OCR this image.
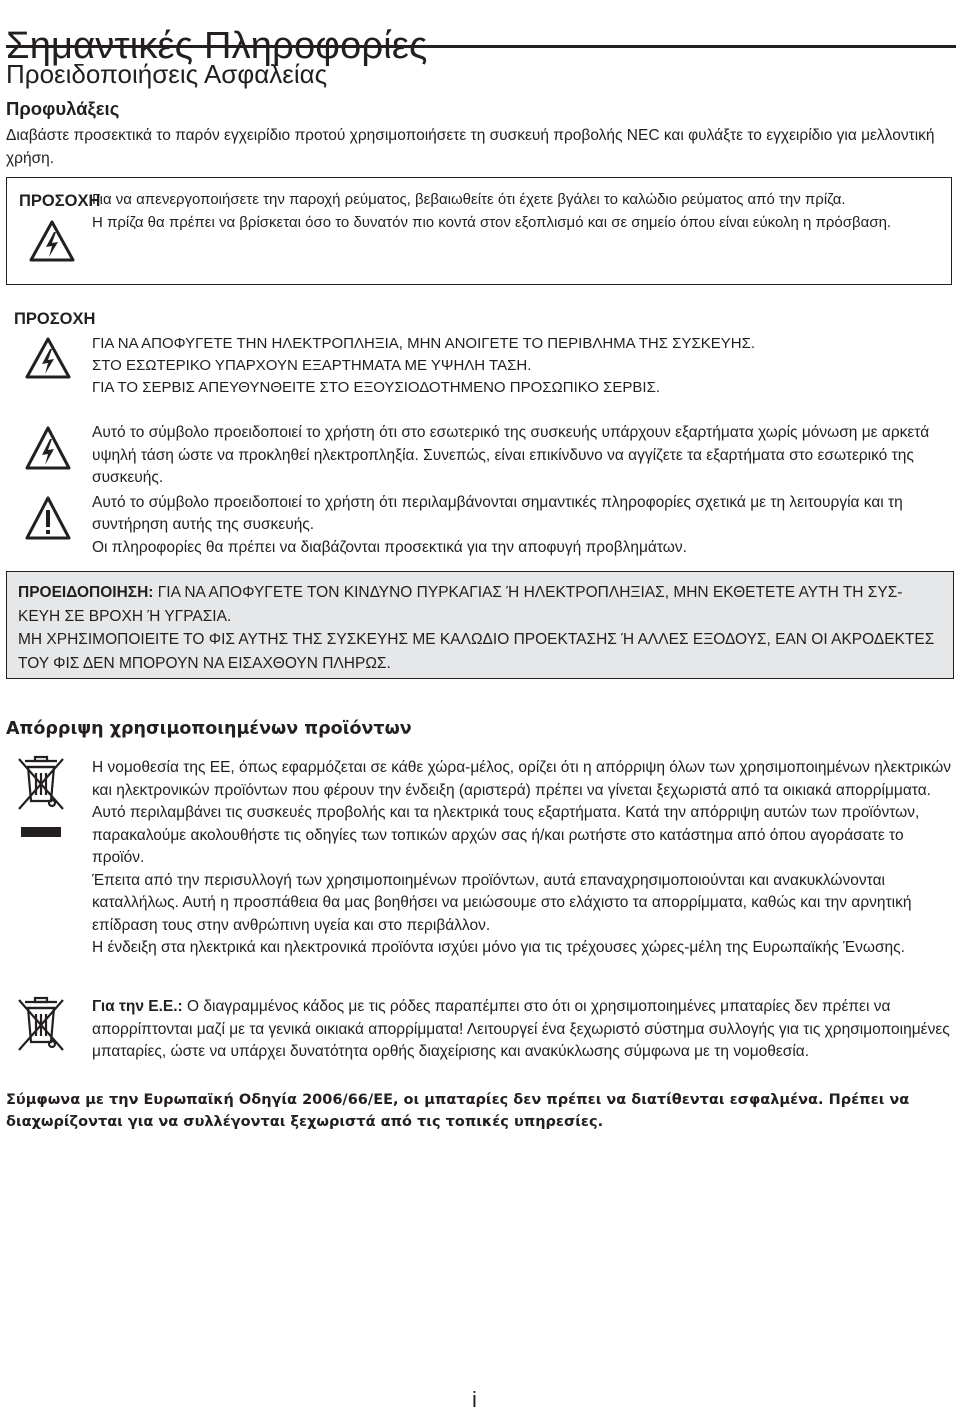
Σημαντικές Πληροφορίες
Προειδοποιήσεις Ασφαλείας
Προφυλάξεις
Διαβάστε προσεκτικά το παρόν εγχειρίδιο προτού χρησιμοποιήσετε τη συσκευή προβολής NEC και φυλάξτε το εγχειρίδιο για μελλοντική χρήση.
ΠΡΟΣΟΧΗ
Για να απενεργοποιήσετε την παροχή ρεύματος, βεβαιωθείτε ότι έχετε βγάλει το καλώδιο ρεύματος από την πρίζα.
Η πρίζα θα πρέπει να βρίσκεται όσο το δυνατόν πιο κοντά στον εξοπλισμό και σε σημείο όπου είναι εύκολη η πρόσβαση.
ΠΡΟΣΟΧΗ
ΓΙΑ ΝΑ ΑΠΟΦΥΓΕΤΕ ΤΗΝ ΗΛΕΚΤΡΟΠΛΗΞΙΑ, ΜΗΝ ΑΝΟΙΓΕΤΕ ΤΟ ΠΕΡΙΒΛΗΜΑ ΤΗΣ ΣΥΣΚΕΥΗΣ.
ΣΤΟ ΕΣΩΤΕΡΙΚΟ ΥΠΑΡΧΟΥΝ ΕΞΑΡΤΗΜΑΤΑ ΜΕ ΥΨΗΛΗ ΤΑΣΗ.
ΓΙΑ ΤΟ ΣΕΡΒΙΣ ΑΠΕΥΘΥΝΘΕΙΤΕ ΣΤΟ ΕΞΟΥΣΙΟΔΟΤΗΜΕΝΟ ΠΡΟΣΩΠΙΚΟ ΣΕΡΒΙΣ.
Αυτό το σύμβολο προειδοποιεί το χρήστη ότι στο εσωτερικό της συσκευής υπάρχουν εξαρτήματα χωρίς μόνωση με αρκετά υψηλή τάση ώστε να προκληθεί ηλεκτροπληξία. Συνεπώς, είναι επικίνδυνο να αγγίζετε τα εξαρτήματα στο εσωτερικό της συσκευής.
Αυτό το σύμβολο προειδοποιεί το χρήστη ότι περιλαμβάνονται σημαντικές πληροφορίες σχετικά με τη λειτουργία και τη συντήρηση αυτής της συσκευής.
Οι πληροφορίες θα πρέπει να διαβάζονται προσεκτικά για την αποφυγή προβλημάτων.
ΠΡΟΕΙΔΟΠΟΙΗΣΗ: ΓΙΑ ΝΑ ΑΠΟΦΥΓΕΤΕ ΤΟΝ ΚΙΝΔΥΝΟ ΠΥΡΚΑΓΙΑΣ Ή ΗΛΕΚΤΡΟΠΛΗΞΙΑΣ, ΜΗΝ ΕΚΘΕΤΕΤΕ ΑΥΤΗ ΤΗ ΣΥΣ-
ΚΕΥΗ ΣΕ ΒΡΟΧΗ Ή ΥΓΡΑΣΙΑ.
ΜΗ ΧΡΗΣΙΜΟΠΟΙΕΙΤΕ ΤΟ ΦΙΣ ΑΥΤΗΣ ΤΗΣ ΣΥΣΚΕΥΗΣ ΜΕ ΚΑΛΩΔΙΟ ΠΡΟΕΚΤΑΣΗΣ Ή ΑΛΛΕΣ ΕΞΟΔΟΥΣ, ΕΑΝ ΟΙ ΑΚΡΟΔΕΚΤΕΣ
ΤΟΥ ΦΙΣ ΔΕΝ ΜΠΟΡΟΥΝ ΝΑ ΕΙΣΑΧΘΟΥΝ ΠΛΗΡΩΣ.
Απόρριψη χρησιμοποιημένων προϊόντων
Η νομοθεσία της ΕΕ, όπως εφαρμόζεται σε κάθε χώρα-μέλος, ορίζει ότι η απόρριψη όλων των χρησιμοποιημένων ηλεκτρικών και ηλεκτρονικών προϊόντων που φέρουν την ένδειξη (αριστερά) πρέπει να γίνεται ξεχωριστά από τα οικιακά απορρίμματα. Αυτό περιλαμβάνει τις συσκευές προβολής και τα ηλεκτρικά τους εξαρτήματα. Κατά την απόρριψη αυτών των προϊόντων, παρακαλούμε ακολουθήστε τις οδηγίες των τοπικών αρχών σας ή/και ρωτήστε στο κατάστημα από όπου αγοράσατε το προϊόν.
Έπειτα από την περισυλλογή των χρησιμοποιημένων προϊόντων, αυτά επαναχρησιμοποιούνται και ανακυκλώνονται καταλλήλως. Αυτή η προσπάθεια θα μας βοηθήσει να μειώσουμε στο ελάχιστο τα απορρίμματα, καθώς και την αρνητική επίδραση τους στην ανθρώπινη υγεία και στο περιβάλλον.
Η ένδειξη στα ηλεκτρικά και ηλεκτρονικά προϊόντα ισχύει μόνο για τις τρέχουσες χώρες-μέλη της Ευρωπαϊκής Ένωσης.
Για την Ε.Ε.: Ο διαγραμμένος κάδος με τις ρόδες παραπέμπει στο ότι οι χρησιμοποιημένες μπαταρίες δεν πρέπει να απορρίπτονται μαζί με τα γενικά οικιακά απορρίμματα! Λειτουργεί ένα ξεχωριστό σύστημα συλλογής για τις χρησιμοποιημένες μπαταρίες, ώστε να υπάρχει δυνατότητα ορθής διαχείρισης και ανακύκλωσης σύμφωνα με τη νομοθεσία.
Σύμφωνα με την Ευρωπαϊκή Οδηγία 2006/66/ΕΕ, οι μπαταρίες δεν πρέπει να διατίθενται εσφαλμένα. Πρέπει να διαχωρίζονται για να συλλέγονται ξεχωριστά από τις τοπικές υπηρεσίες.
i
